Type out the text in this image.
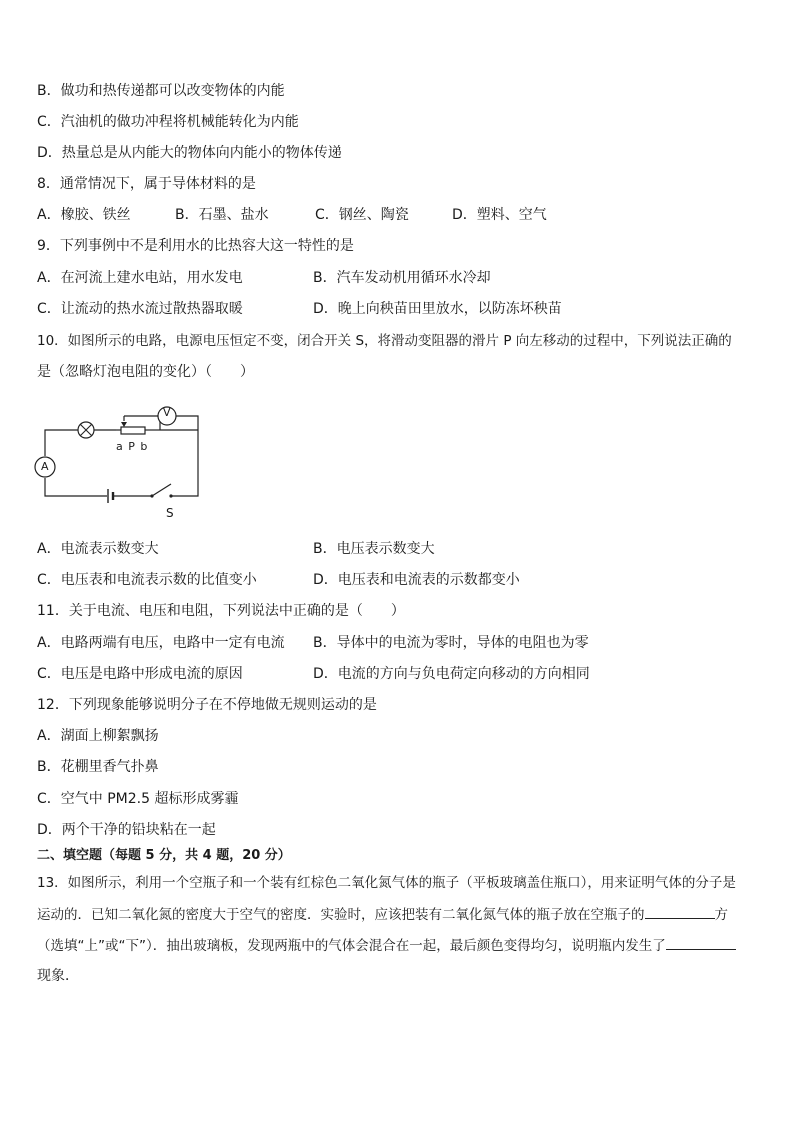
B．做功和热传递都可以改变物体的内能
C．汽油机的做功冲程将机械能转化为内能
D．热量总是从内能大的物体向内能小的物体传递
8．通常情况下，属于导体材料的是
A．橡胶、铁丝	B．石墨、盐水	C．钢丝、陶瓷	D．塑料、空气
9．下列事例中不是利用水的比热容大这一特性的是
A．在河流上建水电站，用水发电	B．汽车发动机用循环水冷却
C．让流动的热水流过散热器取暖	D．晚上向秧苗田里放水，以防冻坏秧苗
10．如图所示的电路，电源电压恒定不变，闭合开关 S，将滑动变阻器的滑片 P 向左移动的过程中，下列说法正确的
是（忽略灯泡电阻的变化）（　　）
V
A
a P b
S
A．电流表示数变大	B．电压表示数变大
C．电压表和电流表示数的比值变小	D．电压表和电流表的示数都变小
11．关于电流、电压和电阻，下列说法中正确的是（　　）
A．电路两端有电压，电路中一定有电流 B．导体中的电流为零时，导体的电阻也为零
C．电压是电路中形成电流的原因	D．电流的方向与负电荷定向移动的方向相同
12．下列现象能够说明分子在不停地做无规则运动的是
A．湖面上柳絮飘扬
B．花棚里香气扑鼻
C．空气中 PM2.5 超标形成雾霾
D．两个干净的铅块粘在一起
二、填空题（每题 5 分，共 4 题，20 分）
13．如图所示，利用一个空瓶子和一个装有红棕色二氧化氮气体的瓶子（平板玻璃盖住瓶口），用来证明气体的分子是
运动的．已知二氧化氮的密度大于空气的密度．实验时，应该把装有二氧化氮气体的瓶子放在空瓶子的	方
（选填“上”或“下”）．抽出玻璃板，发现两瓶中的气体会混合在一起，最后颜色变得均匀，说明瓶内发生了
现象．
